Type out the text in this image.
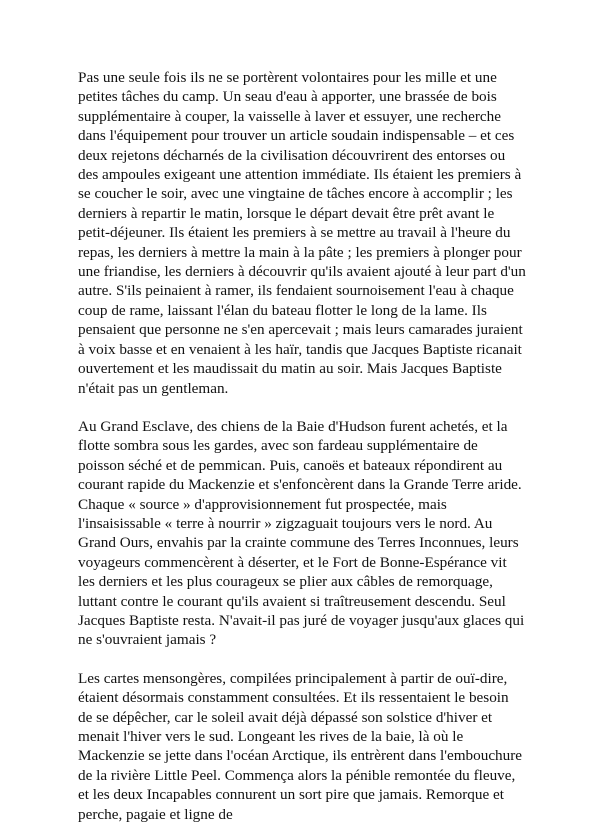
Pas une seule fois ils ne se portèrent volontaires pour les mille et une petites tâches du camp. Un seau d'eau à apporter, une brassée de bois supplémentaire à couper, la vaisselle à laver et essuyer, une recherche dans l'équipement pour trouver un article soudain indispensable – et ces deux rejetons décharnés de la civilisation découvrirent des entorses ou des ampoules exigeant une attention immédiate. Ils étaient les premiers à se coucher le soir, avec une vingtaine de tâches encore à accomplir ; les derniers à repartir le matin, lorsque le départ devait être prêt avant le petit-déjeuner. Ils étaient les premiers à se mettre au travail à l'heure du repas, les derniers à mettre la main à la pâte ; les premiers à plonger pour une friandise, les derniers à découvrir qu'ils avaient ajouté à leur part d'un autre. S'ils peinaient à ramer, ils fendaient sournoisement l'eau à chaque coup de rame, laissant l'élan du bateau flotter le long de la lame. Ils pensaient que personne ne s'en apercevait ; mais leurs camarades juraient à voix basse et en venaient à les haïr, tandis que Jacques Baptiste ricanait ouvertement et les maudissait du matin au soir. Mais Jacques Baptiste n'était pas un gentleman.

Au Grand Esclave, des chiens de la Baie d'Hudson furent achetés, et la flotte sombra sous les gardes, avec son fardeau supplémentaire de poisson séché et de pemmican. Puis, canoës et bateaux répondirent au courant rapide du Mackenzie et s'enfoncèrent dans la Grande Terre aride. Chaque « source » d'approvisionnement fut prospectée, mais l'insaisissable « terre à nourrir » zigzaguait toujours vers le nord. Au Grand Ours, envahis par la crainte commune des Terres Inconnues, leurs voyageurs commencèrent à déserter, et le Fort de Bonne-Espérance vit les derniers et les plus courageux se plier aux câbles de remorquage, luttant contre le courant qu'ils avaient si traîtreusement descendu. Seul Jacques Baptiste resta. N'avait-il pas juré de voyager jusqu'aux glaces qui ne s'ouvraient jamais ?

Les cartes mensongères, compilées principalement à partir de ouï-dire, étaient désormais constamment consultées. Et ils ressentaient le besoin de se dépêcher, car le soleil avait déjà dépassé son solstice d'hiver et menait l'hiver vers le sud. Longeant les rives de la baie, là où le Mackenzie se jette dans l'océan Arctique, ils entrèrent dans l'embouchure de la rivière Little Peel. Commença alors la pénible remontée du fleuve, et les deux Incapables connurent un sort pire que jamais. Remorque et perche, pagaie et ligne de
